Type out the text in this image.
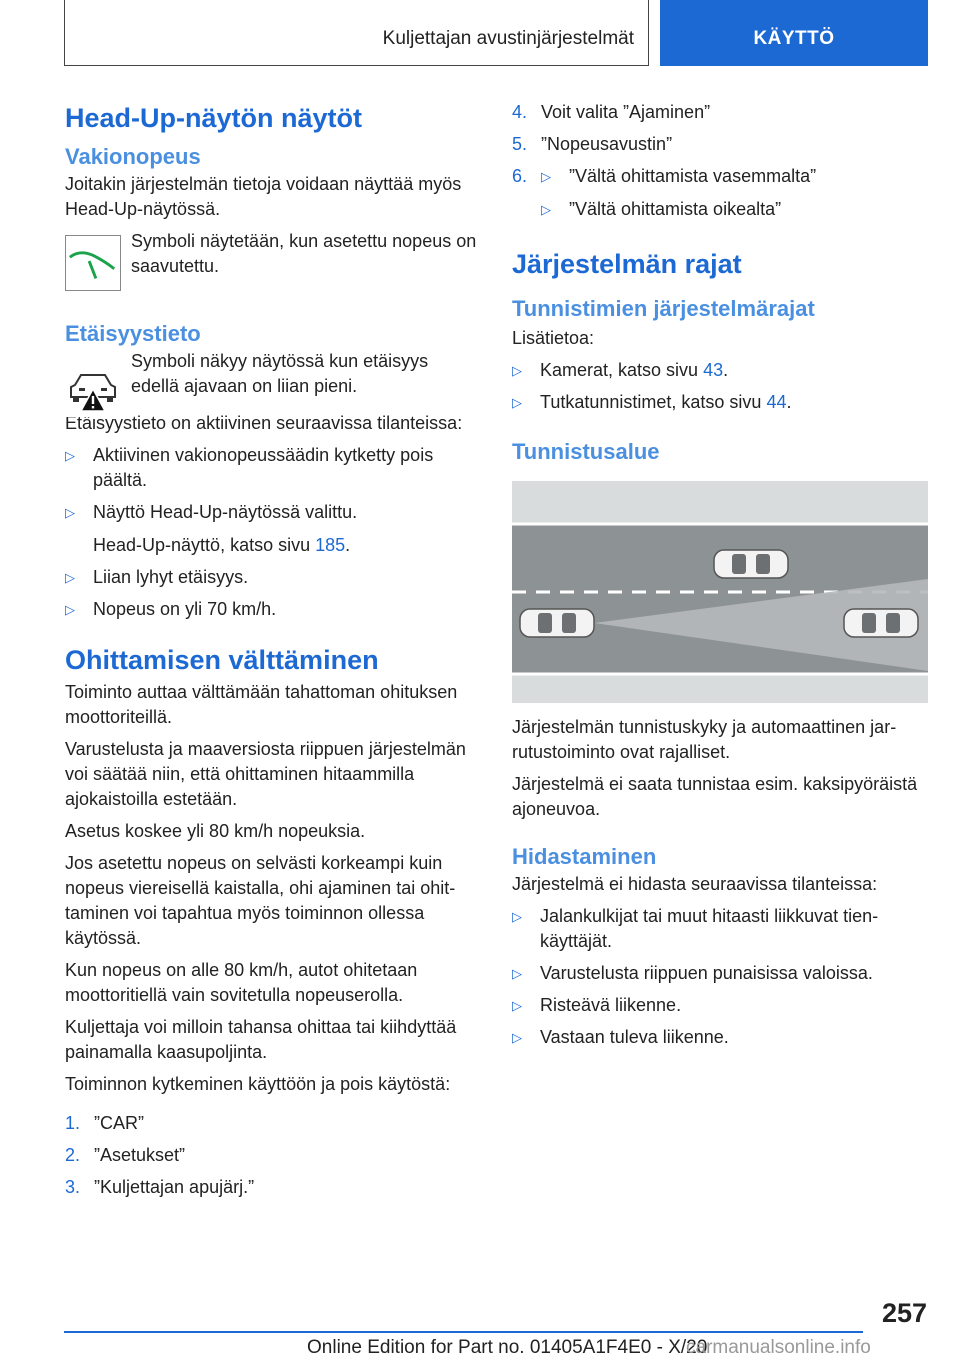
Kuljettajan avustinjärjestelmät	KÄYTTÖ
Head-Up-näytön näytöt
Vakionopeus

Joitakin järjestelmän tietoja voidaan näyttää myös Head-Up-näytössä.

Symboli näytetään, kun asetettu nopeus on saavutettu.

Etäisyystieto

Symboli näkyy näytössä kun etäisyys edellä ajavaan on liian pieni.

Etäisyystieto on aktiivinen seuraavissa tilanteissa:

▷ Aktiivinen vakionopeussäädin kytketty pois päältä.
▷ Näyttö Head-Up-näytössä valittu.
Head-Up-näyttö, katso sivu 185.
▷ Liian lyhyt etäisyys.
▷ Nopeus on yli 70 km/h.
Ohittamisen välttäminen

Toiminto auttaa välttämään tahattoman ohituksen moottoriteillä.

Varustelusta ja maaversiosta riippuen järjestelmän voi säätää niin, että ohittaminen hitaammilla ajokaistoilla estetään.

Asetus koskee yli 80 km/h nopeuksia.

Jos asetettu nopeus on selvästi korkeampi kuin nopeus viereisellä kaistalla, ohi ajaminen tai ohittaminen voi tapahtua myös toiminnon ollessa käytössä.

Kun nopeus on alle 80 km/h, autot ohitetaan moottoritiellä vain sovitetulla nopeuserolla.

Kuljettaja voi milloin tahansa ohittaa tai kiihdyttää painamalla kaasupoljinta.

Toiminnon kytkeminen käyttöön ja pois käytöstä:

1. ”CAR”
2. ”Asetukset”
3. ”Kuljettajan apujärj.”
4. Voit valita ”Ajaminen”
5. ”Nopeusavustin”
6. ▷ ”Vältä ohittamista vasemmalta”
▷ ”Vältä ohittamista oikealta”
Järjestelmän rajat
Tunnistimien järjestelmärajat

Lisätietoa:

▷ Kamerat, katso sivu 43.
▷ Tutkatunnistimet, katso sivu 44.
Tunnistusalue

Järjestelmän tunnistuskyky ja automaattinen jarrutustoiminto ovat rajalliset.

Järjestelmä ei saata tunnistaa esim. kaksipyöräistä ajoneuvoa.

Hidastaminen

Järjestelmä ei hidasta seuraavissa tilanteissa:

▷ Jalankulkijat tai muut hitaasti liikkuvat tienkäyttäjät.
▷ Varustelusta riippuen punaisissa valoissa.
▷ Risteävä liikenne.
▷ Vastaan tuleva liikenne.
257
Online Edition for Part no. 01405A1F4E0 - X/20
carmanualsonline.info
